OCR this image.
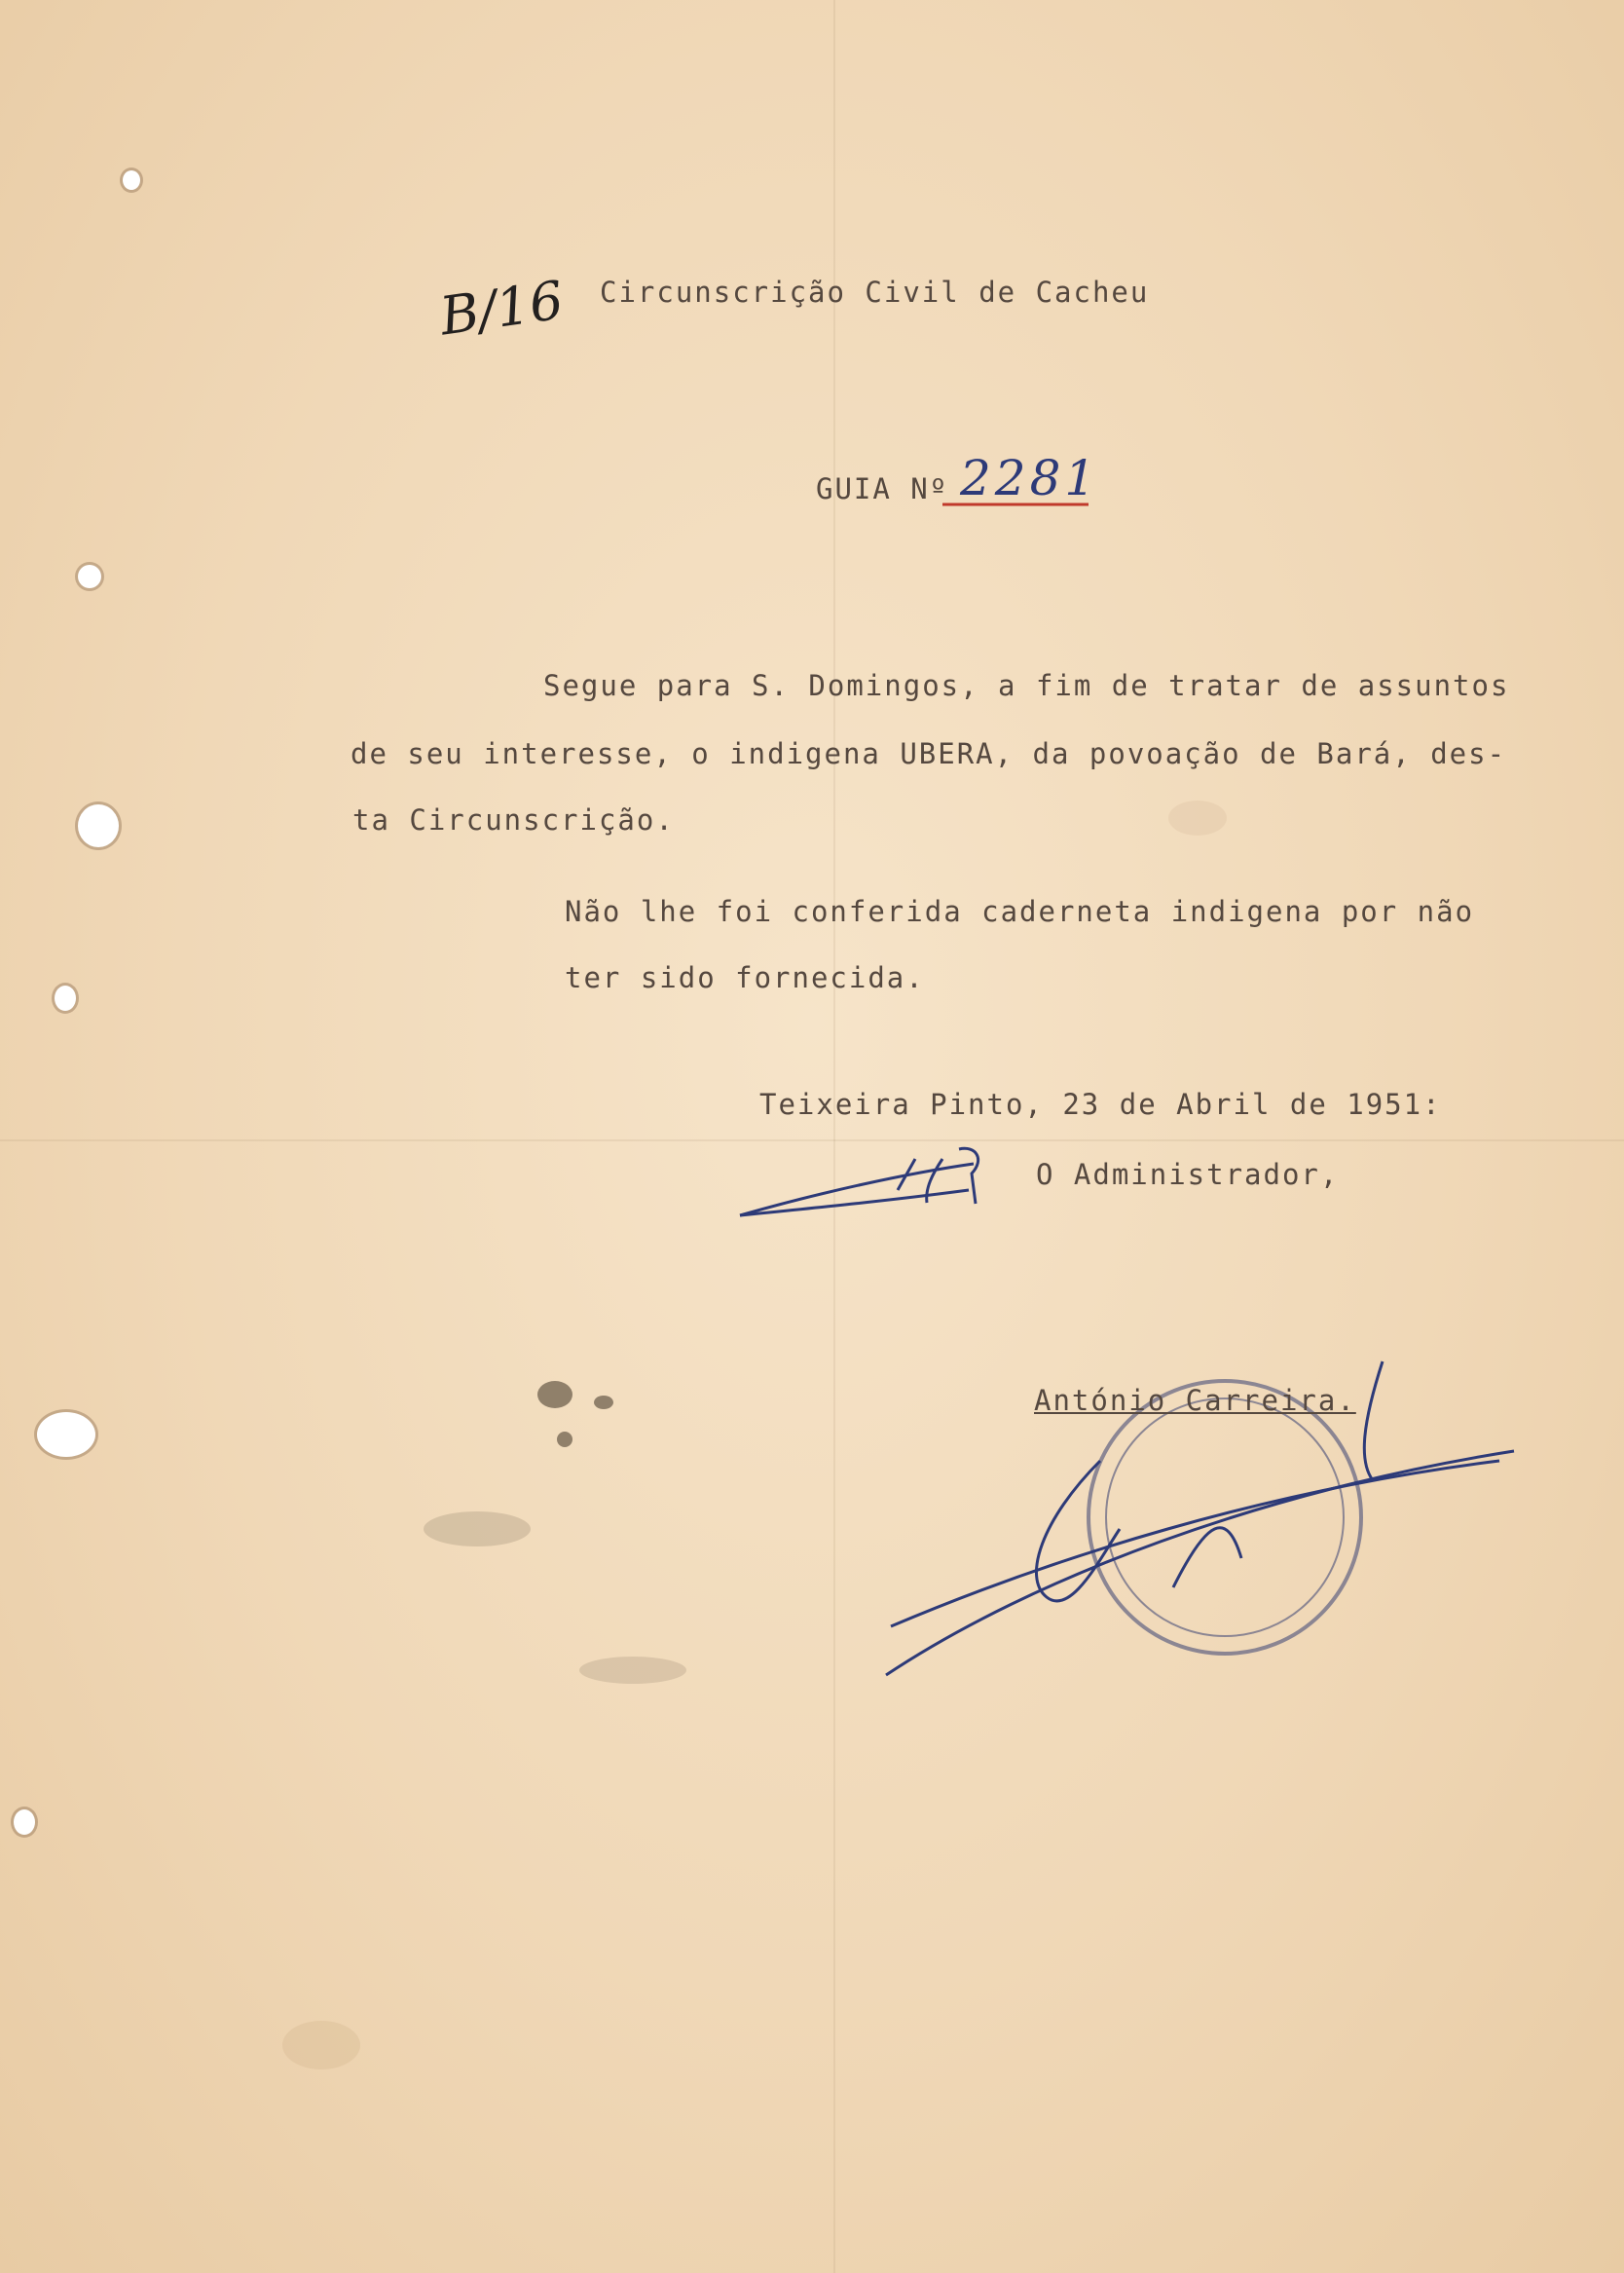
B/16 Circunscrição Civil de Cacheu
GUIA Nº 2281
Segue para S. Domingos, a fim de tratar de assuntos
de seu interesse, o indigena UBERA, da povoação de Bará, des-
ta Circunscrição.
Não lhe foi conferida caderneta indigena por não
ter sido fornecida.
Teixeira Pinto, 23 de Abril de 1951:
O Administrador,
António Carreira.
